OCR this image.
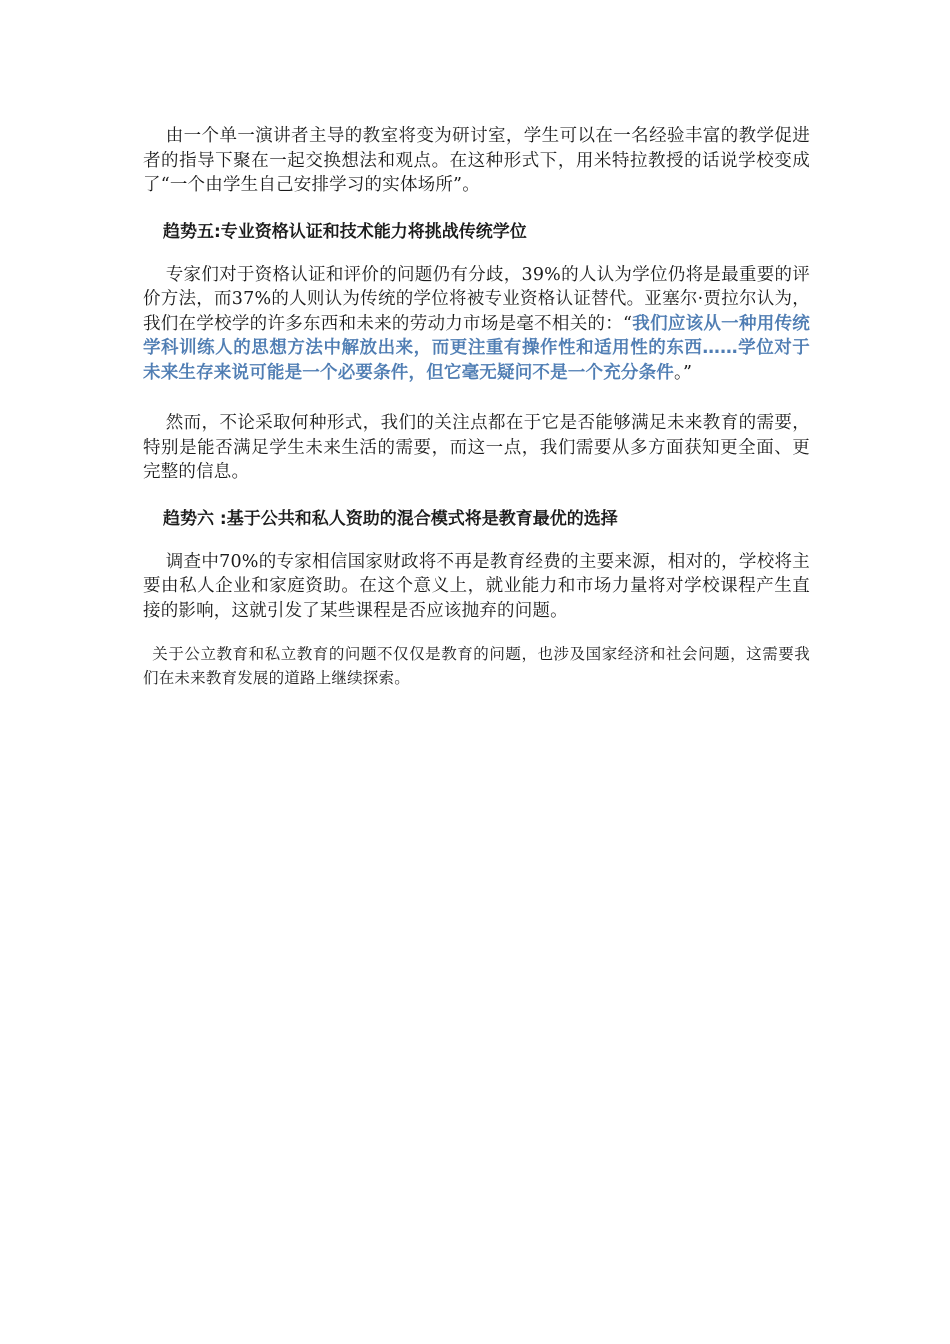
由一个单一演讲者主导的教室将变为研讨室，学生可以在一名经验丰富的教学促进者的指导下聚在一起交换想法和观点。在这种形式下，用米特拉教授的话说学校变成了“一个由学生自己安排学习的实体场所”。

趋势五:专业资格认证和技术能力将挑战传统学位

专家们对于资格认证和评价的问题仍有分歧，39%的人认为学位仍将是最重要的评价方法，而37%的人则认为传统的学位将被专业资格认证替代。亚塞尔·贾拉尔认为，我们在学校学的许多东西和未来的劳动力市场是毫不相关的：“我们应该从一种用传统学科训练人的思想方法中解放出来，而更注重有操作性和适用性的东西……学位对于未来生存来说可能是一个必要条件，但它毫无疑问不是一个充分条件。”

然而，不论采取何种形式，我们的关注点都在于它是否能够满足未来教育的需要，特别是能否满足学生未来生活的需要，而这一点，我们需要从多方面获知更全面、更完整的信息。

趋势六 :基于公共和私人资助的混合模式将是教育最优的选择

调查中70%的专家相信国家财政将不再是教育经费的主要来源，相对的，学校将主要由私人企业和家庭资助。在这个意义上，就业能力和市场力量将对学校课程产生直接的影响，这就引发了某些课程是否应该抛弃的问题。

关于公立教育和私立教育的问题不仅仅是教育的问题，也涉及国家经济和社会问题，这需要我们在未来教育发展的道路上继续探索。
